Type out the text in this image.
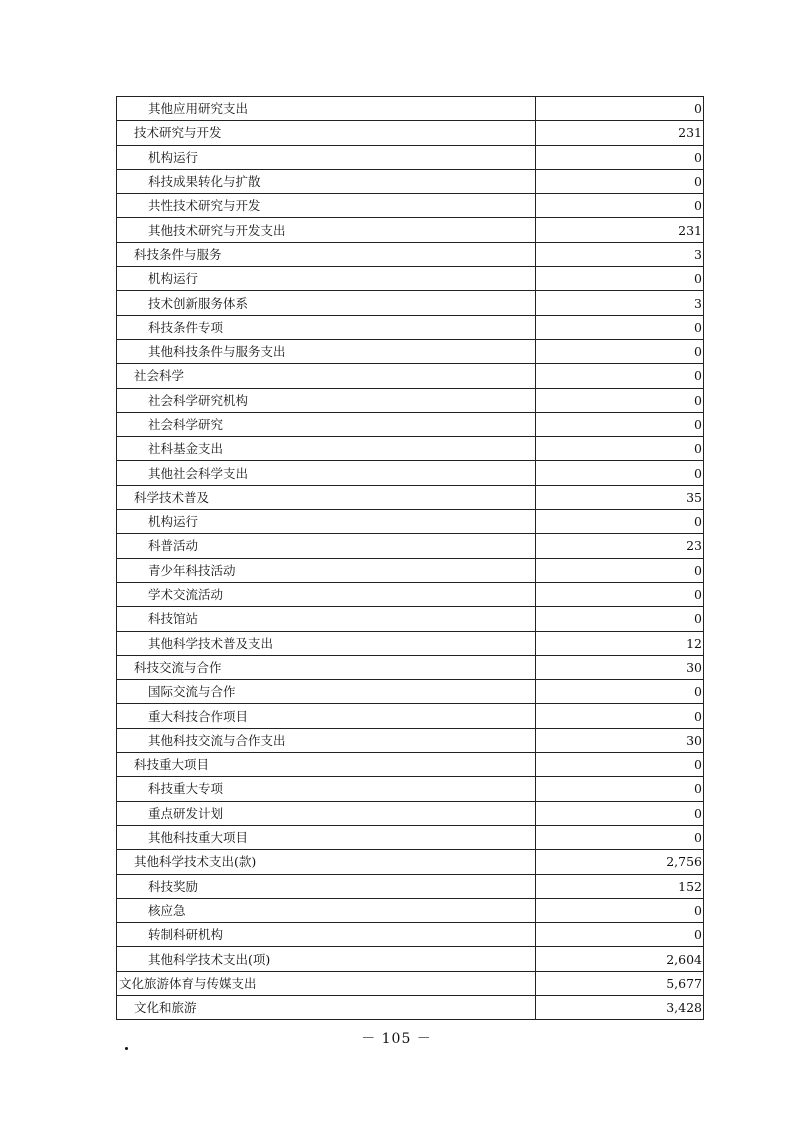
其他应用研究支出	0
技术研究与开发	231
机构运行	0
科技成果转化与扩散	0
共性技术研究与开发	0
其他技术研究与开发支出	231
科技条件与服务	3
机构运行	0
技术创新服务体系	3
科技条件专项	0
其他科技条件与服务支出	0
社会科学	0
社会科学研究机构	0
社会科学研究	0
社科基金支出	0
其他社会科学支出	0
科学技术普及	35
机构运行	0
科普活动	23
青少年科技活动	0
学术交流活动	0
科技馆站	0
其他科学技术普及支出	12
科技交流与合作	30
国际交流与合作	0
重大科技合作项目	0
其他科技交流与合作支出	30
科技重大项目	0
科技重大专项	0
重点研发计划	0
其他科技重大项目	0
其他科学技术支出(款)	2,756
科技奖励	152
核应急	0
转制科研机构	0
其他科学技术支出(项)	2,604
文化旅游体育与传媒支出	5,677
文化和旅游	3,428
－ 105 －
